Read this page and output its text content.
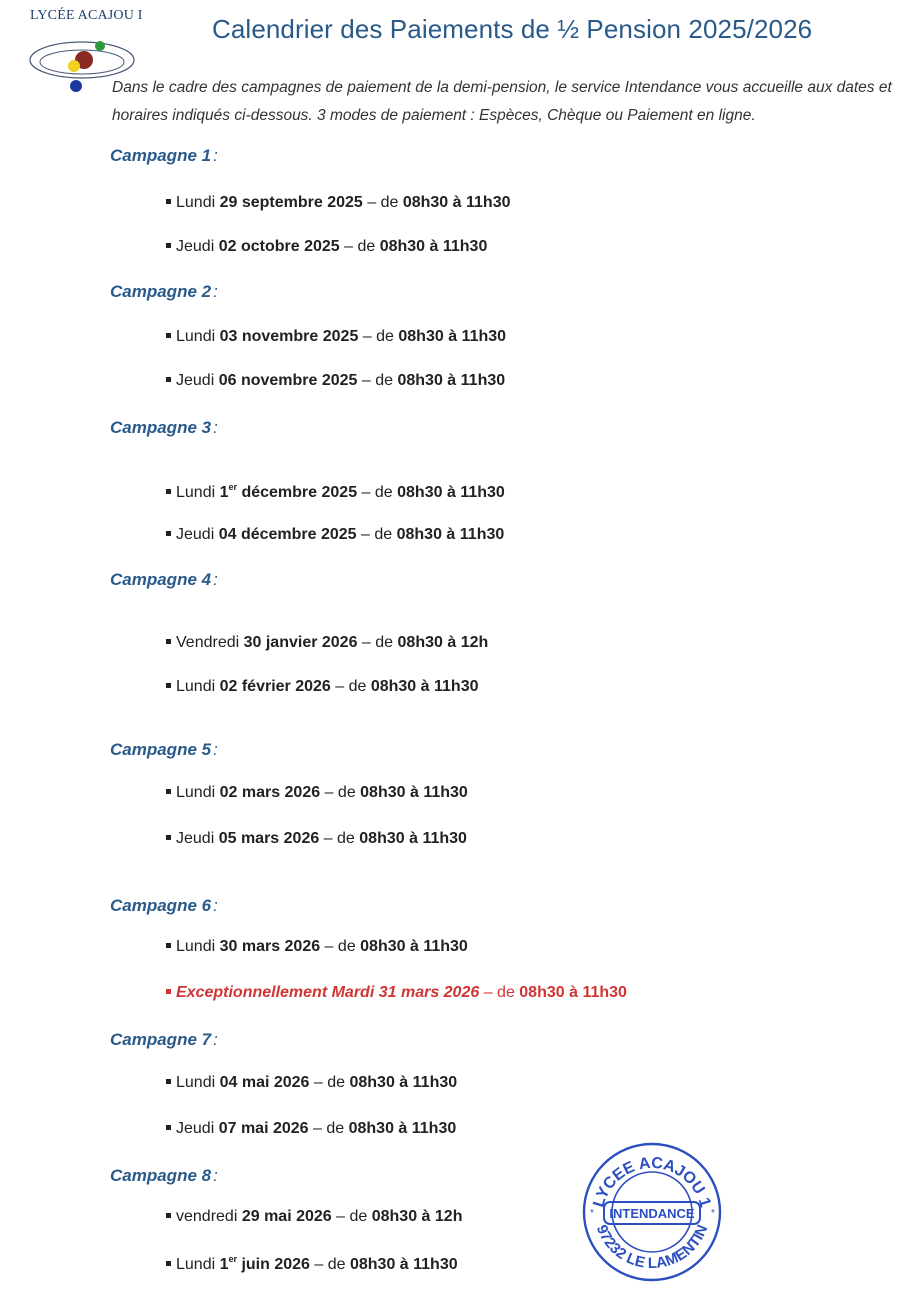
LYCÉE ACAJOU I	Calendrier des Paiements de ½ Pension 2025/2026
Dans le cadre des campagnes de paiement de la demi-pension, le service Intendance vous accueille aux dates et horaires indiqués ci-dessous. 3 modes de paiement : Espèces, Chèque ou Paiement en ligne.
Campagne 1 :
Lundi 29 septembre 2025 – de 08h30 à 11h30
Jeudi 02 octobre 2025 – de 08h30 à 11h30
Campagne 2 :
Lundi 03 novembre 2025 – de 08h30 à 11h30
Jeudi 06 novembre 2025 – de 08h30 à 11h30
Campagne 3 :
Lundi 1er décembre 2025 – de 08h30 à 11h30
Jeudi 04 décembre 2025 – de 08h30 à 11h30
Campagne 4 :
Vendredi 30 janvier 2026 – de 08h30 à 12h
Lundi 02 février 2026 – de 08h30 à 11h30
Campagne 5 :
Lundi 02 mars 2026 – de 08h30 à 11h30
Jeudi 05 mars 2026 – de 08h30 à 11h30
Campagne 6 :
Lundi 30 mars 2026 – de 08h30 à 11h30
Exceptionnellement Mardi 31 mars 2026 – de 08h30 à 11h30
Campagne 7 :
Lundi 04 mai 2026 – de 08h30 à 11h30
Jeudi 07 mai 2026 – de 08h30 à 11h30
Campagne 8 :
vendredi 29 mai 2026 – de 08h30 à 12h
Lundi 1er juin 2026 – de 08h30 à 11h30
LYCEE ACAJOU 1
97232 LE LAMENTIN
INTENDANCE
*	*
